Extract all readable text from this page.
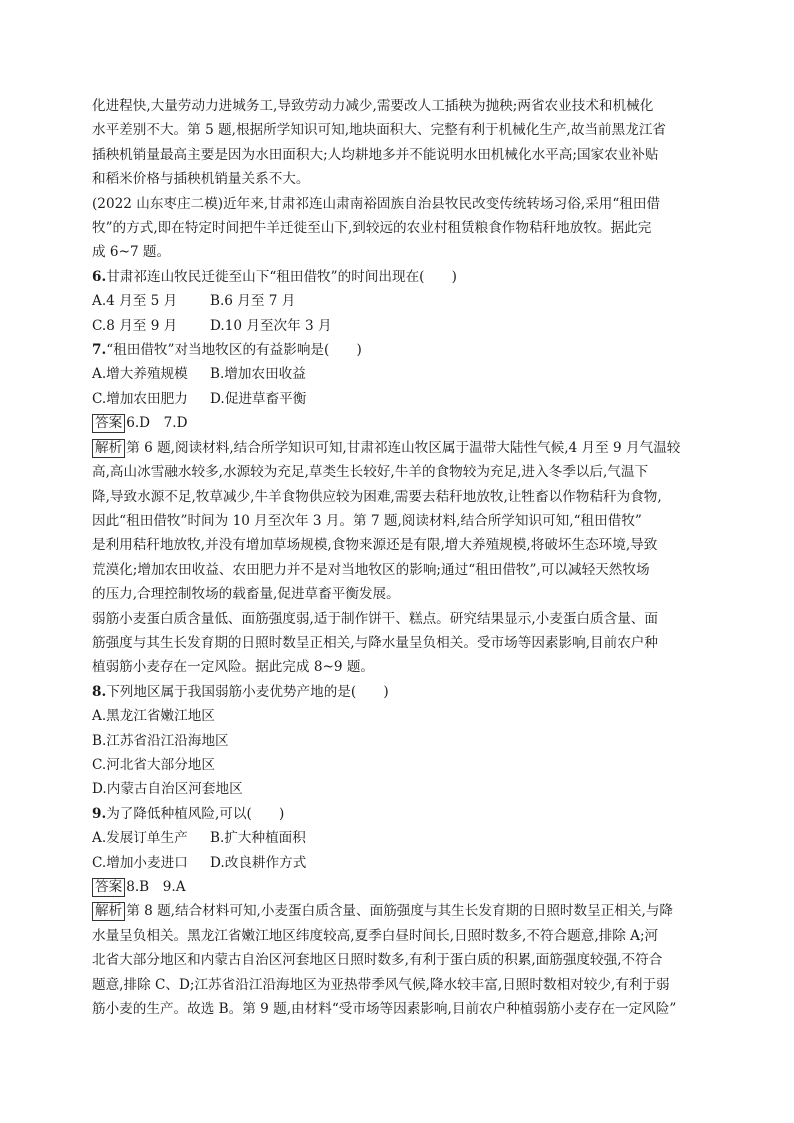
化进程快,大量劳动力进城务工,导致劳动力减少,需要改人工插秧为抛秧;两省农业技术和机械化
水平差别不大。第 5 题,根据所学知识可知,地块面积大、完整有利于机械化生产,故当前黑龙江省
插秧机销量最高主要是因为水田面积大;人均耕地多并不能说明水田机械化水平高;国家农业补贴
和稻米价格与插秧机销量关系不大。
(2022 山东枣庄二模)近年来,甘肃祁连山肃南裕固族自治县牧民改变传统转场习俗,采用“租田借
牧”的方式,即在特定时间把牛羊迁徙至山下,到较远的农业村租赁粮食作物秸秆地放牧。据此完
成 6~7 题。
6.甘肃祁连山牧民迁徙至山下“租田借牧”的时间出现在(　　)
A.4 月至 5 月 B.6 月至 7 月
C.8 月至 9 月 D.10 月至次年 3 月
7.“租田借牧”对当地牧区的有益影响是(　　)
A.增大养殖规模 B.增加农田收益
C.增加农田肥力 D.促进草畜平衡
答案 6.D　7.D
解析 第 6 题,阅读材料,结合所学知识可知,甘肃祁连山牧区属于温带大陆性气候,4 月至 9 月气温较
高,高山冰雪融水较多,水源较为充足,草类生长较好,牛羊的食物较为充足,进入冬季以后,气温下
降,导致水源不足,牧草减少,牛羊食物供应较为困难,需要去秸秆地放牧,让牲畜以作物秸秆为食物,
因此“租田借牧”时间为 10 月至次年 3 月。第 7 题,阅读材料,结合所学知识可知,“租田借牧”
是利用秸秆地放牧,并没有增加草场规模,食物来源还是有限,增大养殖规模,将破坏生态环境,导致
荒漠化;增加农田收益、农田肥力并不是对当地牧区的影响;通过“租田借牧”,可以减轻天然牧场
的压力,合理控制牧场的载畜量,促进草畜平衡发展。
弱筋小麦蛋白质含量低、面筋强度弱,适于制作饼干、糕点。研究结果显示,小麦蛋白质含量、面
筋强度与其生长发育期的日照时数呈正相关,与降水量呈负相关。受市场等因素影响,目前农户种
植弱筋小麦存在一定风险。据此完成 8~9 题。
8.下列地区属于我国弱筋小麦优势产地的是(　　)
A.黑龙江省嫩江地区
B.江苏省沿江沿海地区
C.河北省大部分地区
D.内蒙古自治区河套地区
9.为了降低种植风险,可以(　　)
A.发展订单生产 B.扩大种植面积
C.增加小麦进口 D.改良耕作方式
答案 8.B　9.A
解析 第 8 题,结合材料可知,小麦蛋白质含量、面筋强度与其生长发育期的日照时数呈正相关,与降
水量呈负相关。黑龙江省嫩江地区纬度较高,夏季白昼时间长,日照时数多,不符合题意,排除 A;河
北省大部分地区和内蒙古自治区河套地区日照时数多,有利于蛋白质的积累,面筋强度较强,不符合
题意,排除 C、D;江苏省沿江沿海地区为亚热带季风气候,降水较丰富,日照时数相对较少,有利于弱
筋小麦的生产。故选 B。第 9 题,由材料“受市场等因素影响,目前农户种植弱筋小麦存在一定风险”
